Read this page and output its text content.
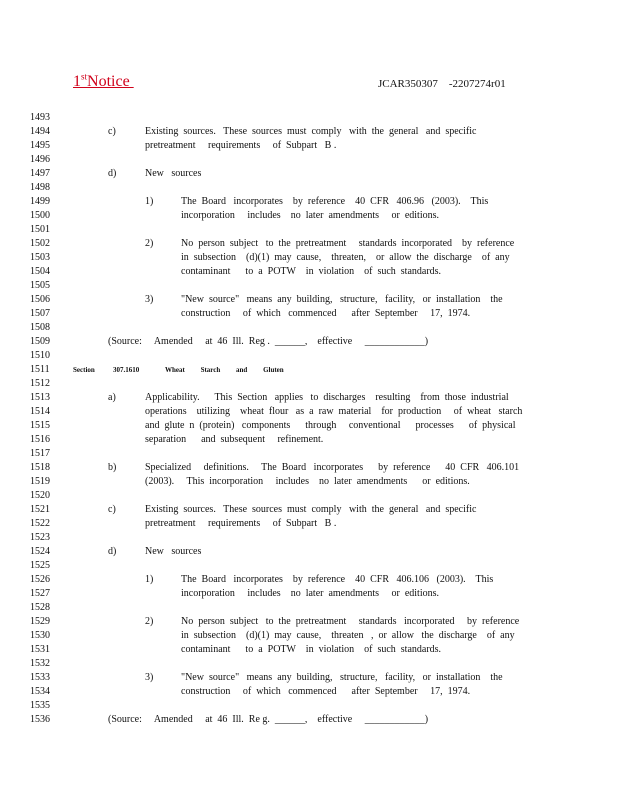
1stNotice	JCAR350307    -2207274r01
1493
1494	c)	Existing  sources.   These  sources  must  comply   with  the  general   and  specific
1495	pretreatment     requirements     of  Subpart   B .
1496
1497	d)	New   sources
1498
1499	1)	The  Board   incorporates    by  reference    40  CFR   406.96   (2003).    This
1500	incorporation     includes    no  later  amendments     or  editions.
1501
1502	2)	No  person  subject   to  the  pretreatment     standards  incorporated    by  reference
1503	in  subsection    (d)(1)  may  cause,    threaten,    or  allow  the  discharge    of  any
1504	contaminant      to  a  POTW    in  violation    of  such  standards.
1505
1506	3)	"New  source"   means  any  building,   structure,   facility,   or  installation    the
1507	construction     of  which   commenced      after  September     17,  1974.
1508
1509	(Source:     Amended     at  46  Ill.  Reg .  ______,    effective     ____________)
1510
1511	Section	307.1610	Wheat Starch and Gluten
1512
1513	a)	Applicability.      This  Section   applies   to  discharges    resulting    from  those  industrial
1514	operations    utilizing    wheat  flour   as  a  raw  material    for  production     of  wheat   starch
1515	and  glute  n  (protein)   components      through     conventional      processes      of  physical
1516	separation      and  subsequent     refinement.
1517
1518	b)	Specialized     definitions.     The  Board   incorporates      by  reference      40  CFR   406.101
1519	(2003).     This  incorporation     includes    no  later  amendments      or  editions.
1520
1521	c)	Existing  sources.   These  sources  must  comply   with  the  general   and  specific
1522	pretreatment     requirements     of  Subpart   B .
1523
1524	d)	New   sources
1525
1526	1)	The  Board   incorporates    by  reference    40  CFR   406.106   (2003).    This
1527	incorporation     includes    no  later  amendments     or  editions.
1528
1529	2)	No  person  subject   to  the  pretreatment     standards   incorporated     by  reference
1530	in  subsection    (d)(1)  may  cause,    threaten   ,  or  allow   the  discharge    of  any
1531	contaminant      to  a  POTW    in  violation    of  such  standards.
1532
1533	3)	"New  source"   means  any  building,   structure,   facility,   or  installation    the
1534	construction     of  which   commenced      after  September     17,  1974.
1535
1536	(Source:     Amended     at  46  Ill.  Re g.  ______,    effective     ____________)
